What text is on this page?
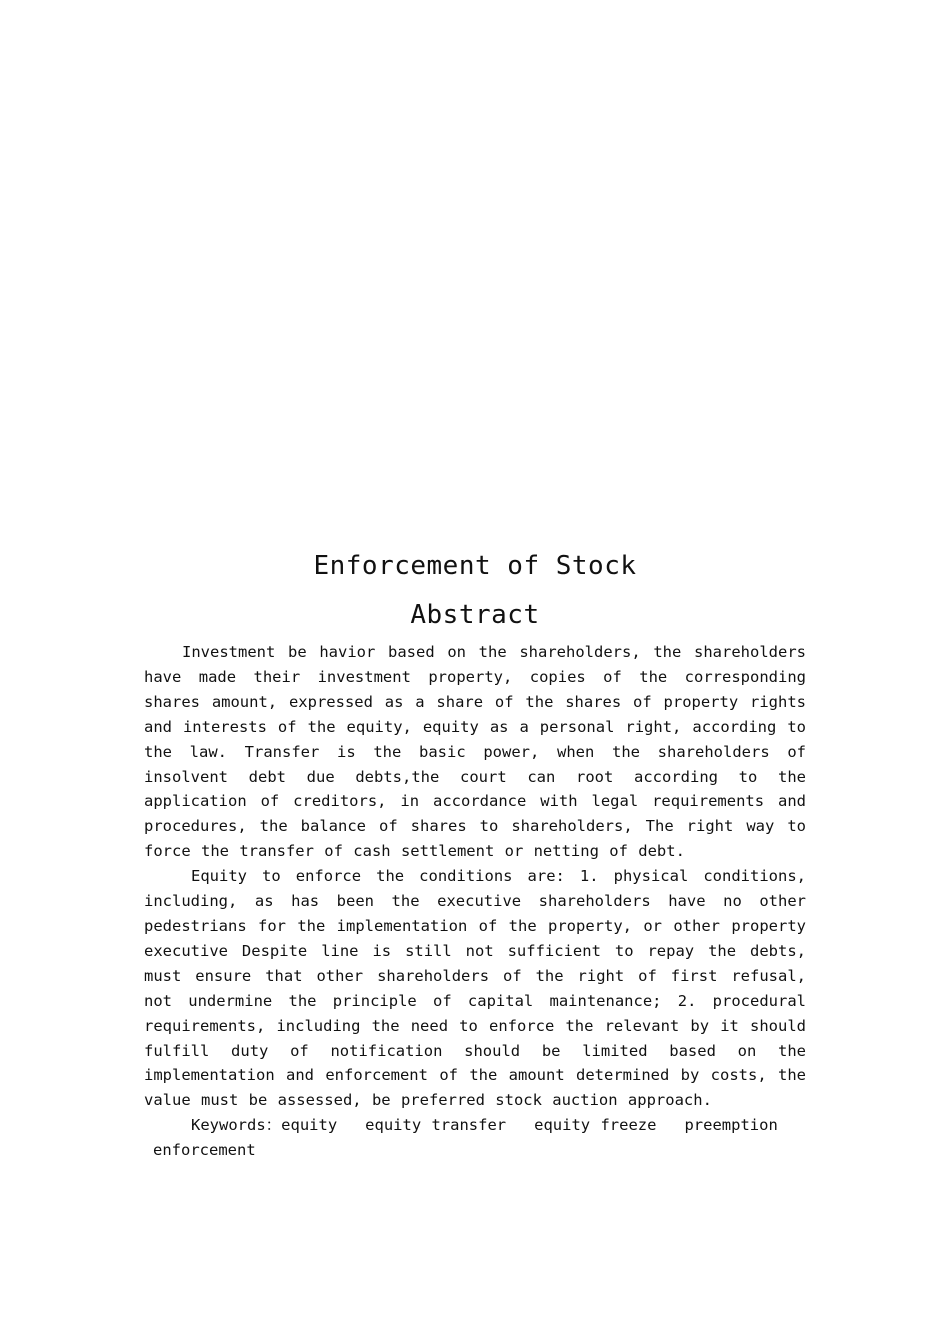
Enforcement of Stock
Abstract

Investment be havior based on the shareholders, the shareholders have made their investment property, copies of the corresponding shares amount, expressed as a share of the shares of property rights and interests of the equity, equity as a personal right, according to the law. Transfer is the basic power, when the shareholders of insolvent debt due debts,the court can root according to the application of creditors, in accordance with legal requirements and procedures, the balance of shares to shareholders, The right way to force the transfer of cash settlement or netting of debt.

Equity to enforce the conditions are: 1. physical conditions, including, as has been the executive shareholders have no other pedestrians for the implementation of the property, or other property executive Despite line is still not sufficient to repay the debts, must ensure that other shareholders of the right of first refusal, not undermine the principle of capital maintenance; 2. procedural requirements, including the need to enforce the relevant by it should fulfill duty of notification should be limited based on the implementation and enforcement of the amount determined by costs, the value must be assessed, be preferred stock auction approach.

Keywords：equity equity transfer equity freeze preemption
enforcement
